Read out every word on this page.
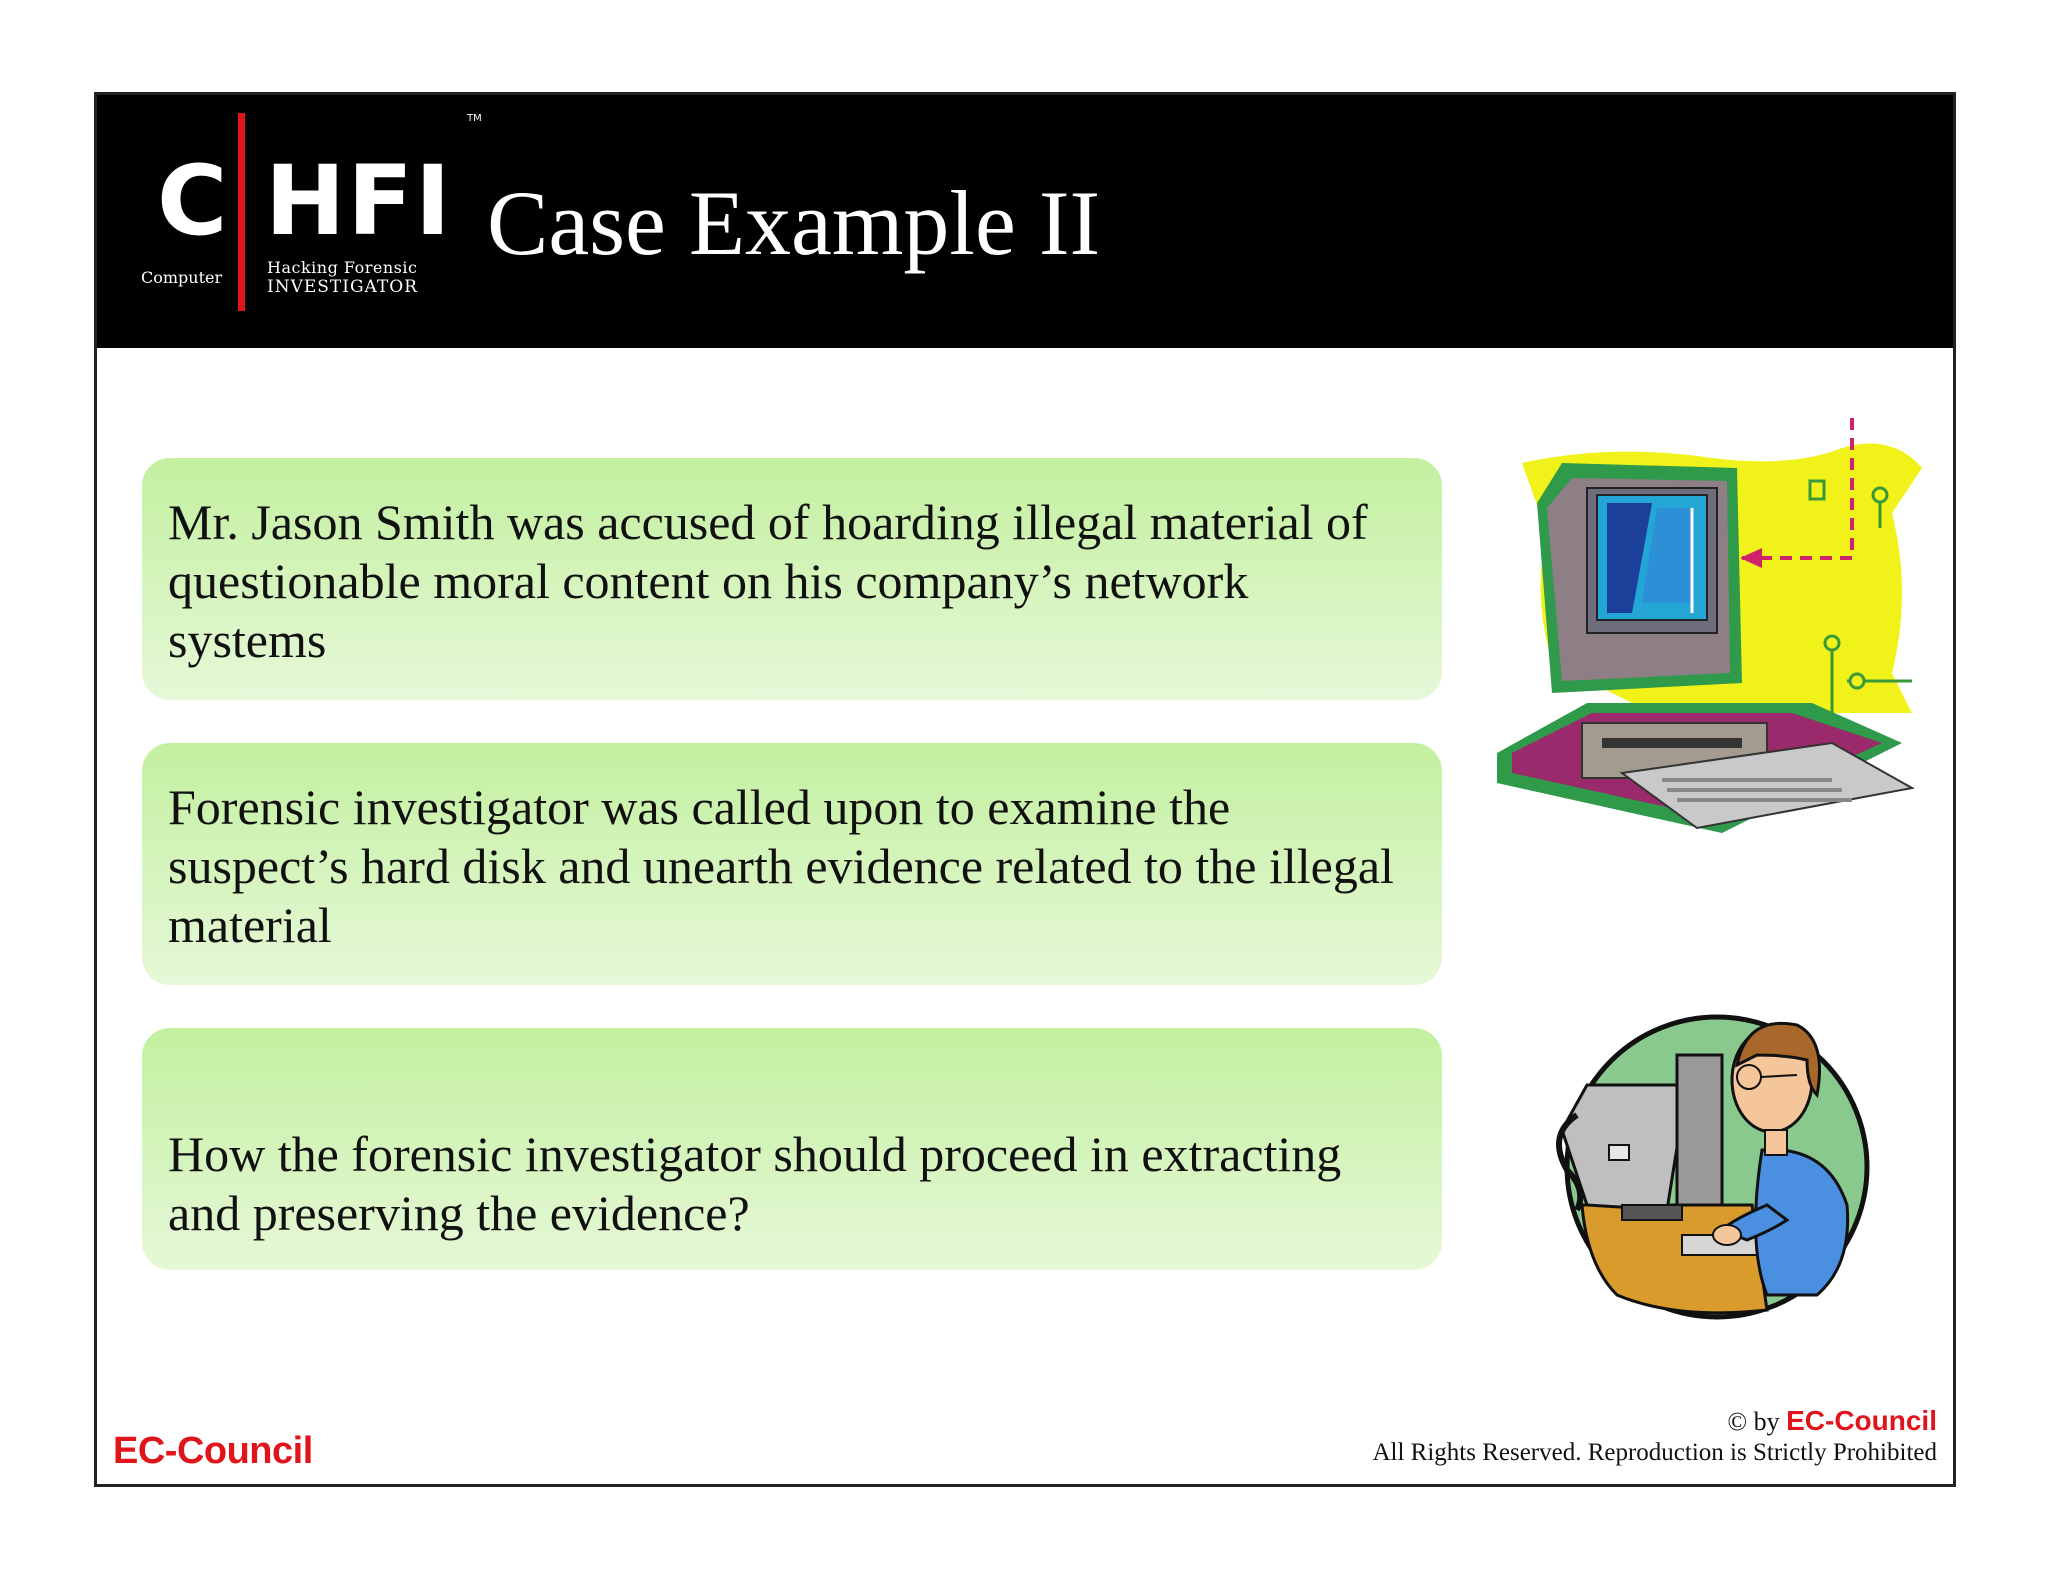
TM
C HFI
Computer
Hacking Forensic
INVESTIGATOR
Case Example II

Mr. Jason Smith was accused of hoarding illegal material of questionable moral content on his company’s network systems

Forensic investigator was called upon to examine the suspect’s hard disk and unearth evidence related to the illegal material

How the forensic investigator should proceed in extracting and preserving the evidence?

EC-Council
© by EC-Council
All Rights Reserved. Reproduction is Strictly Prohibited
